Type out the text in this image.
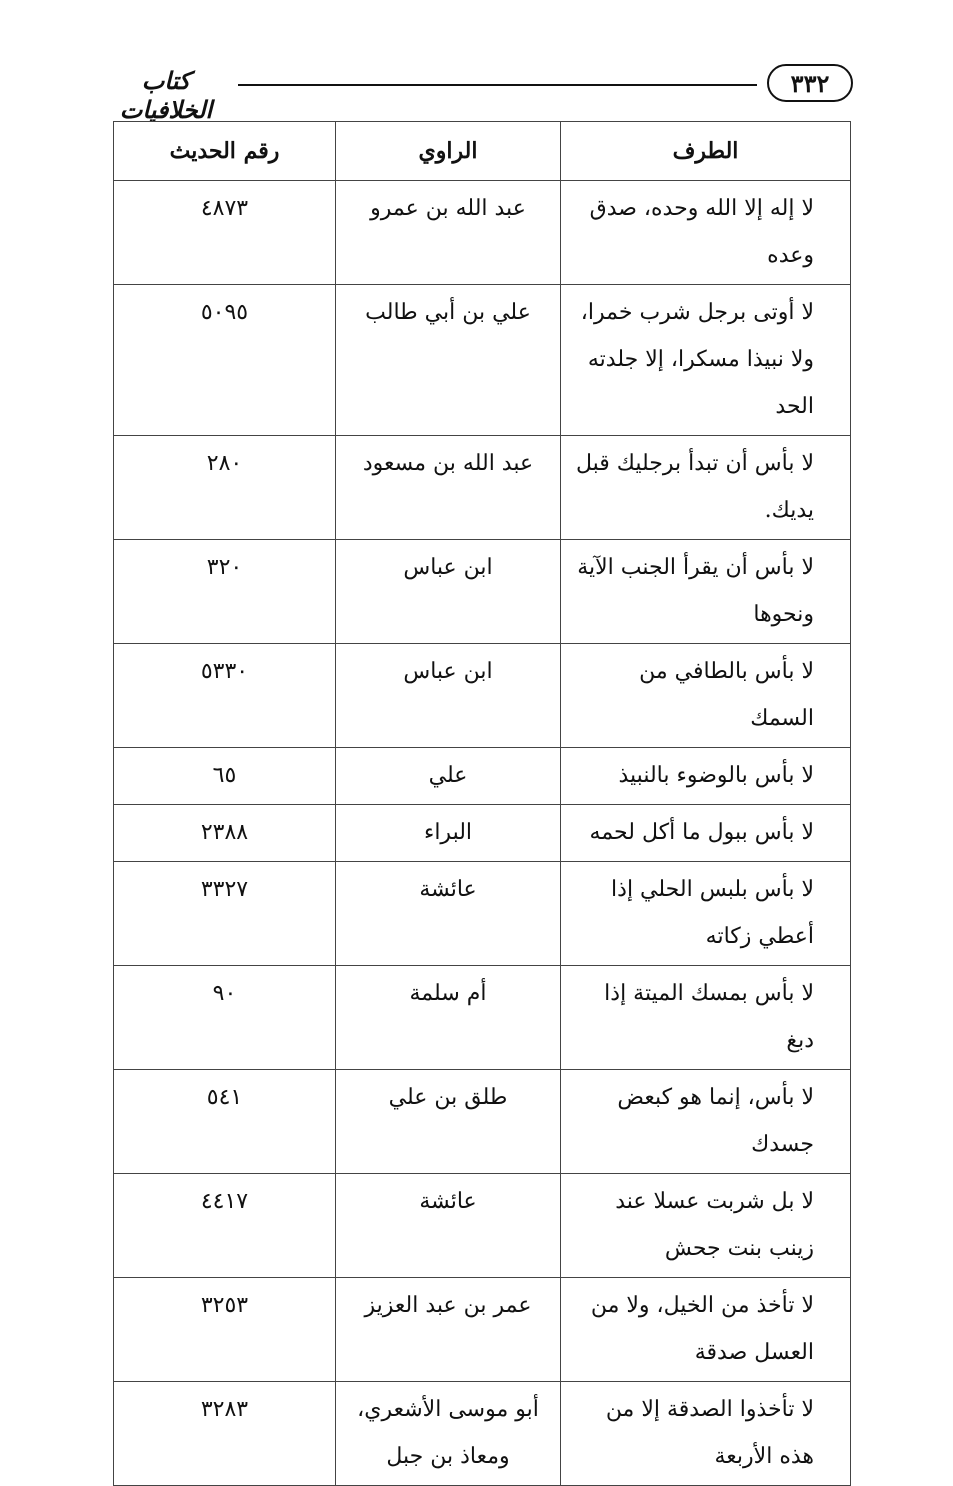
كتاب الخلافيات
٣٣٢
الطرف	الراوي	رقم الحديث
لا إله إلا الله وحده، صدق وعده	عبد الله بن عمرو	٤٨٧٣
لا أوتى برجل شرب خمرا، ولا نبيذا مسكرا، إلا جلدته الحد	علي بن أبي طالب	٥٠٩٥
لا بأس أن تبدأ برجليك قبل يديك.	عبد الله بن مسعود	٢٨٠
لا بأس أن يقرأ الجنب الآية ونحوها	ابن عباس	٣٢٠
لا بأس بالطافي من السمك	ابن عباس	٥٣٣٠
لا بأس بالوضوء بالنبيذ	علي	٦٥
لا بأس ببول ما أكل لحمه	البراء	٢٣٨٨
لا بأس بلبس الحلي إذا أعطي زكاته	عائشة	٣٣٢٧
لا بأس بمسك الميتة إذا دبغ	أم سلمة	٩٠
لا بأس، إنما هو كبعض جسدك	طلق بن علي	٥٤١
لا بل شربت عسلا عند زينب بنت جحش	عائشة	٤٤١٧
لا تأخذ من الخيل، ولا من العسل صدقة	عمر بن عبد العزيز	٣٢٥٣
لا تأخذوا الصدقة إلا من هذه الأربعة	أبو موسى الأشعري، ومعاذ بن جبل	٣٢٨٣
